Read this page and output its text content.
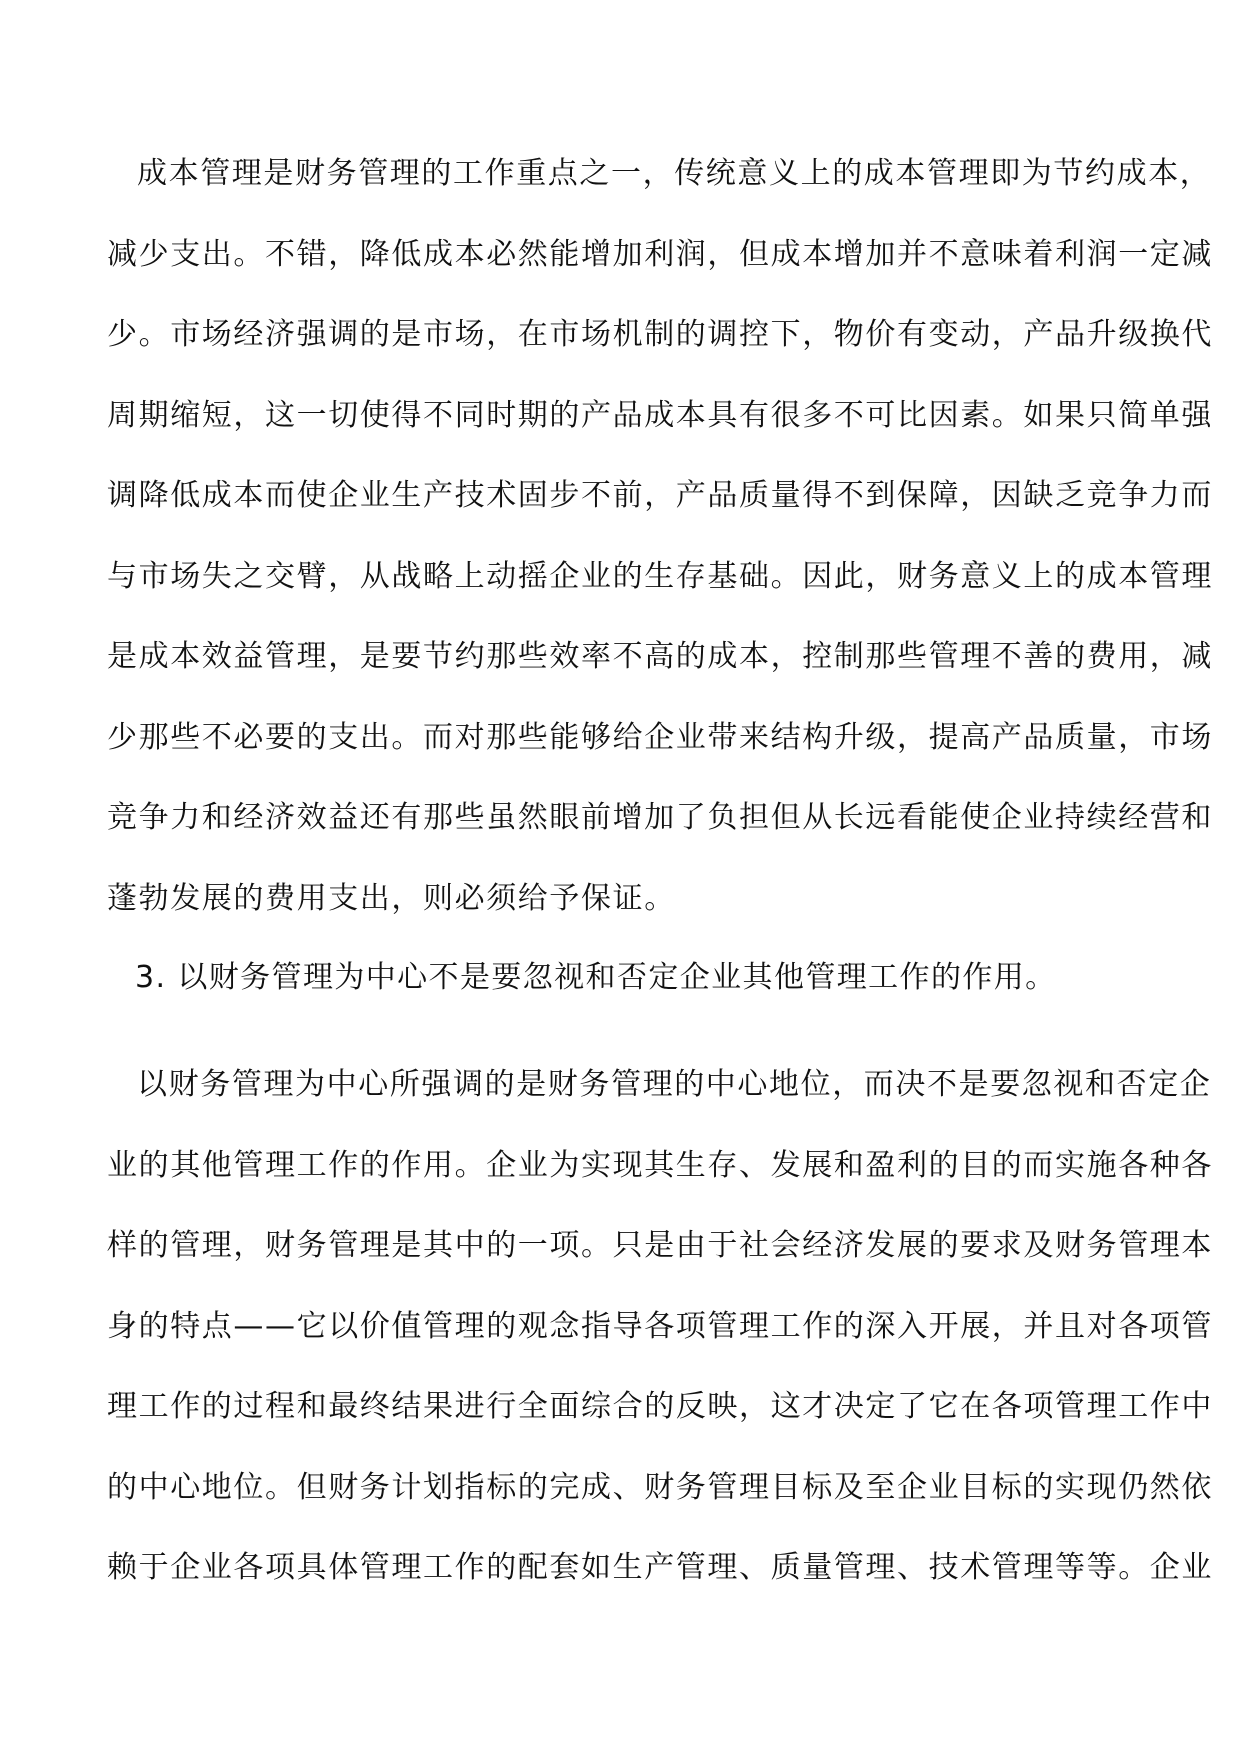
成本管理是财务管理的工作重点之一，传统意义上的成本管理即为节约成本，
减少支出。不错，降低成本必然能增加利润，但成本增加并不意味着利润一定减
少。市场经济强调的是市场，在市场机制的调控下，物价有变动，产品升级换代
周期缩短，这一切使得不同时期的产品成本具有很多不可比因素。如果只简单强
调降低成本而使企业生产技术固步不前，产品质量得不到保障，因缺乏竞争力而
与市场失之交臂，从战略上动摇企业的生存基础。因此，财务意义上的成本管理
是成本效益管理，是要节约那些效率不高的成本，控制那些管理不善的费用，减
少那些不必要的支出。而对那些能够给企业带来结构升级，提高产品质量，市场
竞争力和经济效益还有那些虽然眼前增加了负担但从长远看能使企业持续经营和
蓬勃发展的费用支出，则必须给予保证。
3. 以财务管理为中心不是要忽视和否定企业其他管理工作的作用。
以财务管理为中心所强调的是财务管理的中心地位，而决不是要忽视和否定企
业的其他管理工作的作用。企业为实现其生存、发展和盈利的目的而实施各种各
样的管理，财务管理是其中的一项。只是由于社会经济发展的要求及财务管理本
身的特点——它以价值管理的观念指导各项管理工作的深入开展，并且对各项管
理工作的过程和最终结果进行全面综合的反映，这才决定了它在各项管理工作中
的中心地位。但财务计划指标的完成、财务管理目标及至企业目标的实现仍然依
赖于企业各项具体管理工作的配套如生产管理、质量管理、技术管理等等。企业
